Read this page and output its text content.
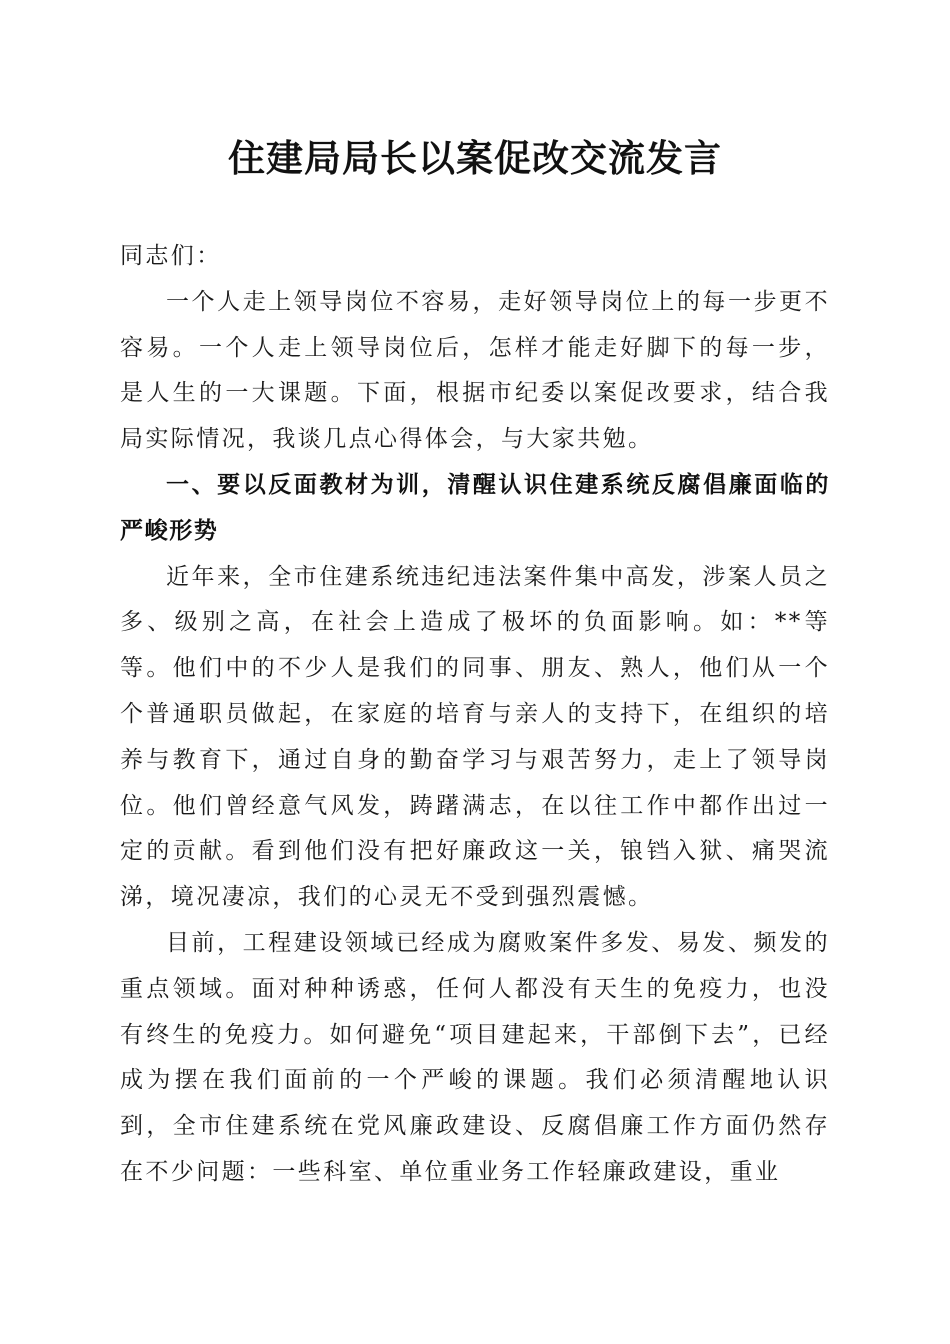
住建局局长以案促改交流发言

同志们：

一个人走上领导岗位不容易，走好领导岗位上的每一步更不容易。一个人走上领导岗位后，怎样才能走好脚下的每一步，是人生的一大课题。下面，根据市纪委以案促改要求，结合我局实际情况，我谈几点心得体会，与大家共勉。

一、要以反面教材为训，清醒认识住建系统反腐倡廉面临的严峻形势

近年来，全市住建系统违纪违法案件集中高发，涉案人员之多、级别之高，在社会上造成了极坏的负面影响。如：**等等。他们中的不少人是我们的同事、朋友、熟人，他们从一个个普通职员做起，在家庭的培育与亲人的支持下，在组织的培养与教育下，通过自身的勤奋学习与艰苦努力，走上了领导岗位。他们曾经意气风发，踌躇满志，在以往工作中都作出过一定的贡献。看到他们没有把好廉政这一关，锒铛入狱、痛哭流涕，境况凄凉，我们的心灵无不受到强烈震憾。

目前，工程建设领域已经成为腐败案件多发、易发、频发的重点领域。面对种种诱惑，任何人都没有天生的免疫力，也没有终生的免疫力。如何避免“项目建起来，干部倒下去”，已经成为摆在我们面前的一个严峻的课题。我们必须清醒地认识到，全市住建系统在党风廉政建设、反腐倡廉工作方面仍然存在不少问题：一些科室、单位重业务工作轻廉政建设，重业
